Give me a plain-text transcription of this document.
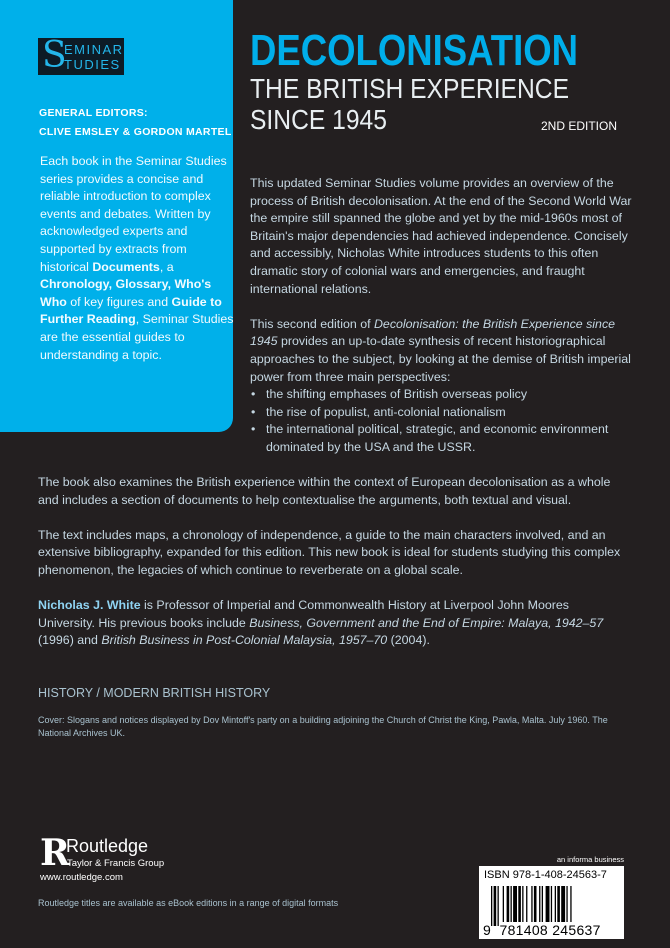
S
EMINAR
TUDIES
GENERAL EDITORS:
CLIVE EMSLEY & GORDON MARTEL
Each book in the Seminar Studies series provides a concise and reliable introduction to complex events and debates. Written by acknowledged experts and supported by extracts from historical Documents, a Chronology, Glossary, Who's Who of key figures and Guide to Further Reading, Seminar Studies are the essential guides to understanding a topic.
DECOLONISATION
THE BRITISH EXPERIENCE
SINCE 1945	2ND EDITION

This updated Seminar Studies volume provides an overview of the process of British decolonisation. At the end of the Second World War the empire still spanned the globe and yet by the mid-1960s most of Britain's major dependencies had achieved independence. Concisely and accessibly, Nicholas White introduces students to this often dramatic story of colonial wars and emergencies, and fraught international relations.

This second edition of Decolonisation: the British Experience since 1945 provides an up-to-date synthesis of recent historiographical approaches to the subject, by looking at the demise of British imperial power from three main perspectives:

• the shifting emphases of British overseas policy
• the rise of populist, anti-colonial nationalism
• the international political, strategic, and economic environment dominated by the USA and the USSR.

The book also examines the British experience within the context of European decolonisation as a whole and includes a section of documents to help contextualise the arguments, both textual and visual.

The text includes maps, a chronology of independence, a guide to the main characters involved, and an extensive bibliography, expanded for this edition. This new book is ideal for students studying this complex phenomenon, the legacies of which continue to reverberate on a global scale.

Nicholas J. White is Professor of Imperial and Commonwealth History at Liverpool John Moores University. His previous books include Business, Government and the End of Empire: Malaya, 1942–57 (1996) and British Business in Post-Colonial Malaysia, 1957–70 (2004).

HISTORY / MODERN BRITISH HISTORY
Cover: Slogans and notices displayed by Dov Mintoff's party on a building adjoining the Church of Christ the King, Pawla, Malta. July 1960. The National Archives UK.
R
Routledge
Taylor & Francis Group
www.routledge.com
Routledge titles are available as eBook editions in a range of digital formats
an informa business
ISBN 978-1-408-24563-7
9 781408 245637
